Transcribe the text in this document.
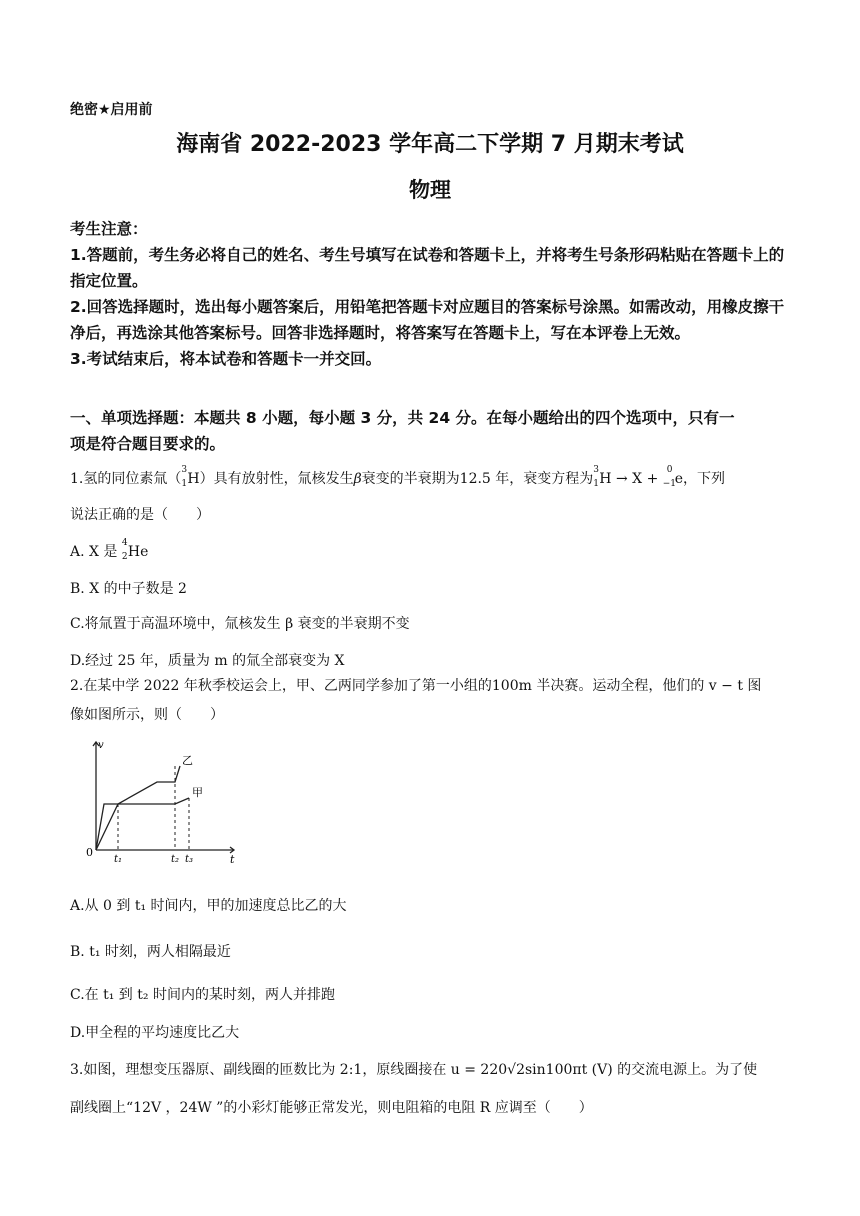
绝密★启用前
海南省 2022-2023 学年高二下学期 7 月期末考试
物理
考生注意：
1.答题前，考生务必将自己的姓名、考生号填写在试卷和答题卡上，并将考生号条形码粘贴在答题卡上的指定位置。
2.回答选择题时，选出每小题答案后，用铅笔把答题卡对应题目的答案标号涂黑。如需改动，用橡皮擦干净后，再选涂其他答案标号。回答非选择题时，将答案写在答题卡上，写在本评卷上无效。
3.考试结束后，将本试卷和答题卡一并交回。
一、单项选择题：本题共 8 小题，每小题 3 分，共 24 分。在每小题给出的四个选项中，只有一
项是符合题目要求的。
1.氢的同位素氚（
3
1 H）具有放射性，氚核发生β衰变的半衰期为12.5 年，衰变方程为
3
1 H → X +
0
−1
e，下列
说法正确的是（　　）
A. X 是
4
2 He
B. X 的中子数是 2
C.将氚置于高温环境中，氚核发生 β 衰变的半衰期不变
D.经过 25 年，质量为 m 的氚全部衰变为 X
2.在某中学 2022 年秋季校运会上，甲、乙两同学参加了第一小组的100m 半决赛。运动全程，他们的 v − t 图
像如图所示，则（　　）
v
t
0
t₁	t₂ t₃
乙
甲
A.从 0 到 t₁ 时间内，甲的加速度总比乙的大
B. t₁ 时刻，两人相隔最近
C.在 t₁ 到 t₂ 时间内的某时刻，两人并排跑
D.甲全程的平均速度比乙大
3.如图，理想变压器原、副线圈的匝数比为 2:1，原线圈接在 u = 220√2sin100πt (V) 的交流电源上。为了使
副线圈上“12V ，24W ”的小彩灯能够正常发光，则电阻箱的电阻 R 应调至（　　）
